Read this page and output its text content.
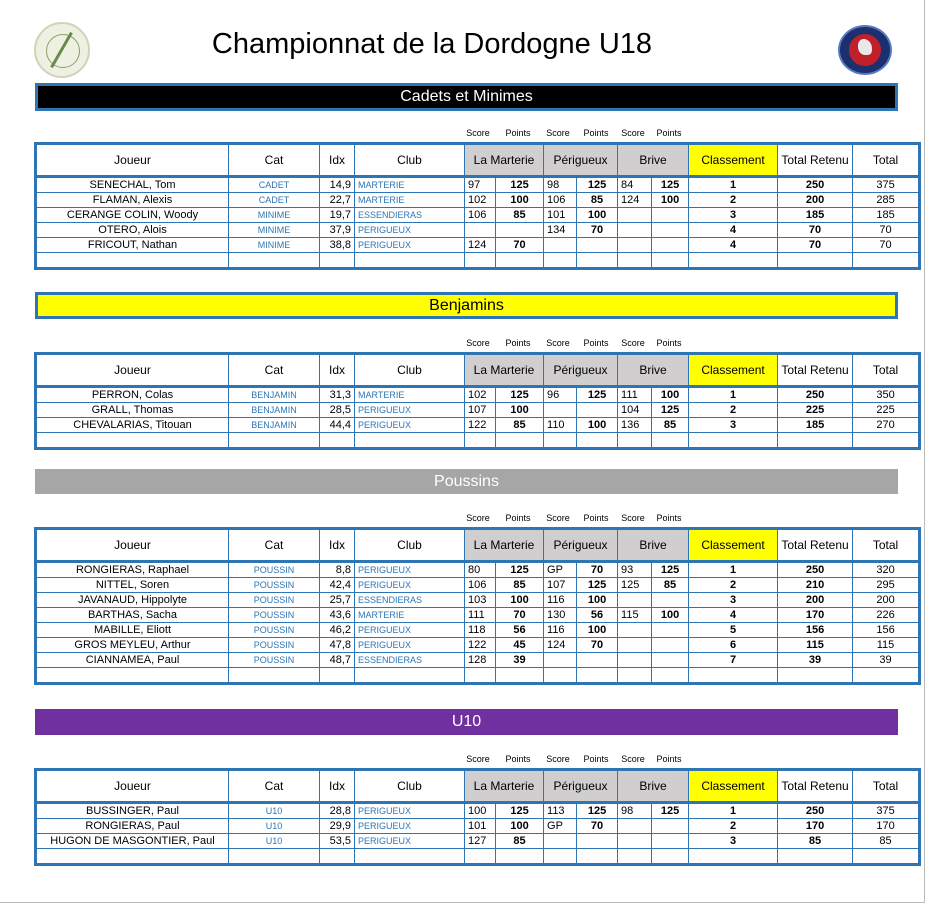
Championnat de la Dordogne U18
Cadets et Minimes
Benjamins
Poussins
U10
Score Points Score Points Score Points
Joueur	Cat	Idx	Club	La Marterie		Périgueux		Brive		Classement	Total Retenu	Total
SENECHAL, Tom	CADET	14,9	MARTERIE	97	125	98	125	84	125	1	250	375
FLAMAN, Alexis	CADET	22,7	MARTERIE	102	100	106	85	124	100	2	200	285
CERANGE COLIN, Woody	MINIME	19,7	ESSENDIERAS	106	85	101	100			3	185	185
OTERO, Alois	MINIME	37,9	PERIGUEUX			134	70			4	70	70
FRICOUT, Nathan	MINIME	38,8	PERIGUEUX	124	70					4	70	70

Score Points Score Points Score Points
Joueur	Cat	Idx	Club	La Marterie		Périgueux		Brive		Classement	Total Retenu	Total
PERRON, Colas	BENJAMIN	31,3	MARTERIE	102	125	96	125	111	100	1	250	350
GRALL, Thomas	BENJAMIN	28,5	PERIGUEUX	107	100			104	125	2	225	225
CHEVALARIAS, Titouan	BENJAMIN	44,4	PERIGUEUX	122	85	110	100	136	85	3	185	270

Score Points Score Points Score Points
Joueur	Cat	Idx	Club	La Marterie		Périgueux		Brive		Classement	Total Retenu	Total
RONGIERAS, Raphael	POUSSIN	8,8	PERIGUEUX	80	125	GP	70	93	125	1	250	320
NITTEL, Soren	POUSSIN	42,4	PERIGUEUX	106	85	107	125	125	85	2	210	295
JAVANAUD, Hippolyte	POUSSIN	25,7	ESSENDIERAS	103	100	116	100			3	200	200
BARTHAS, Sacha	POUSSIN	43,6	MARTERIE	111	70	130	56	115	100	4	170	226
MABILLE, Eliott	POUSSIN	46,2	PERIGUEUX	118	56	116	100			5	156	156
GROS MEYLEU, Arthur	POUSSIN	47,8	PERIGUEUX	122	45	124	70			6	115	115
CIANNAMEA, Paul	POUSSIN	48,7	ESSENDIERAS	128	39					7	39	39

Score Points Score Points Score Points
Joueur	Cat	Idx	Club	La Marterie		Périgueux		Brive		Classement	Total Retenu	Total
BUSSINGER, Paul	U10	28,8	PERIGUEUX	100	125	113	125	98	125	1	250	375
RONGIERAS, Paul	U10	29,9	PERIGUEUX	101	100	GP	70			2	170	170
HUGON DE MASGONTIER, Paul	U10	53,5	PERIGUEUX	127	85					3	85	85
